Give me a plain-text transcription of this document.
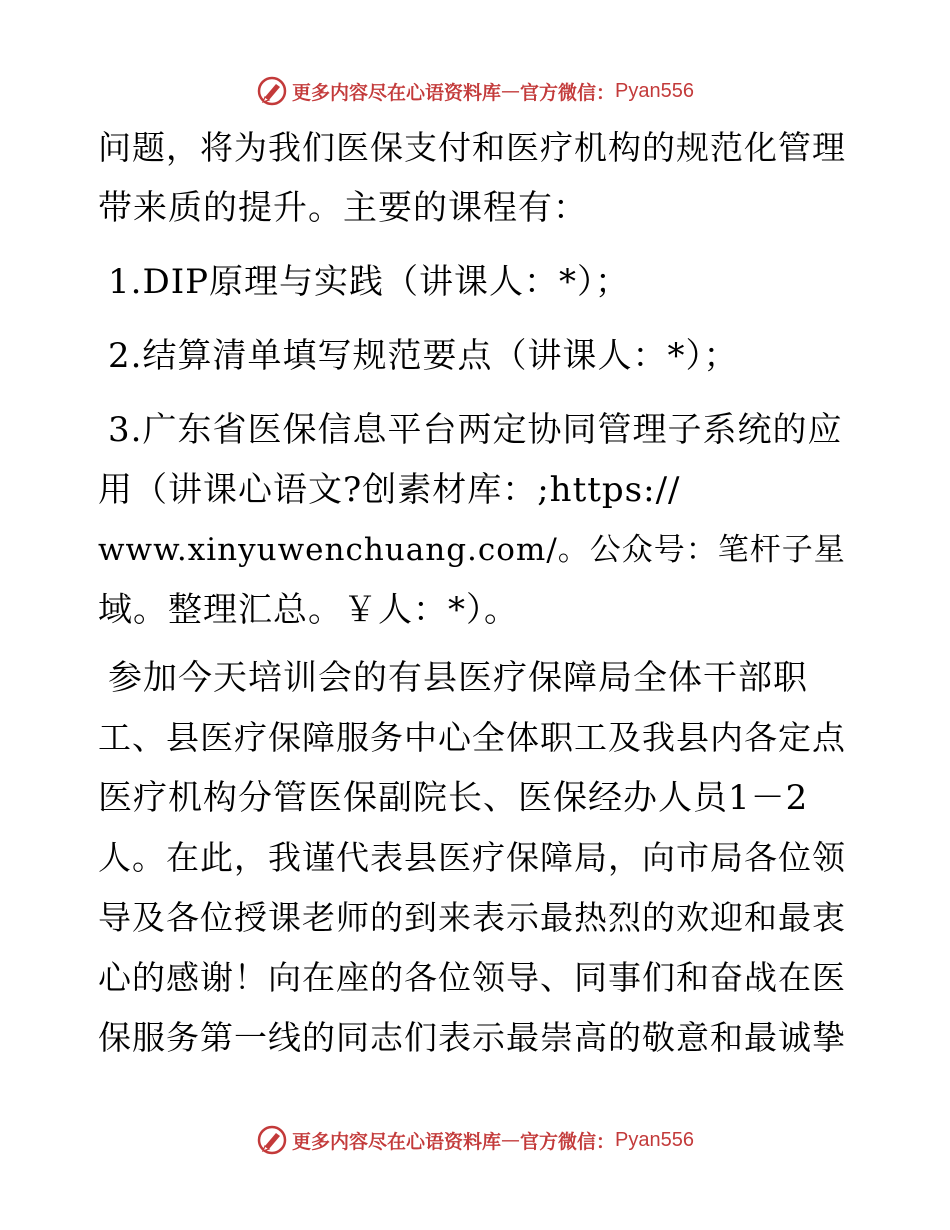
更多内容尽在心语资料库 — 官方微信： Pyan556
问题，将为我们医保支付和医疗机构的规范化管理
带来质的提升。主要的课程有：
1.DIP原理与实践（讲课人：*）；
2.结算清单填写规范要点（讲课人：*）；
3.广东省医保信息平台两定协同管理子系统的应
用（讲课心语文?创素材库：;https://
www.xinyuwenchuang.com/。公众号：笔杆子星
域。整理汇总。￥人：*）。
参加今天培训会的有县医疗保障局全体干部职
工、县医疗保障服务中心全体职工及我县内各定点
医疗机构分管医保副院长、医保经办人员1－2
人。在此，我谨代表县医疗保障局，向市局各位领
导及各位授课老师的到来表示最热烈的欢迎和最衷
心的感谢！向在座的各位领导、同事们和奋战在医
保服务第一线的同志们表示最崇高的敬意和最诚挚
更多内容尽在心语资料库 — 官方微信： Pyan556
